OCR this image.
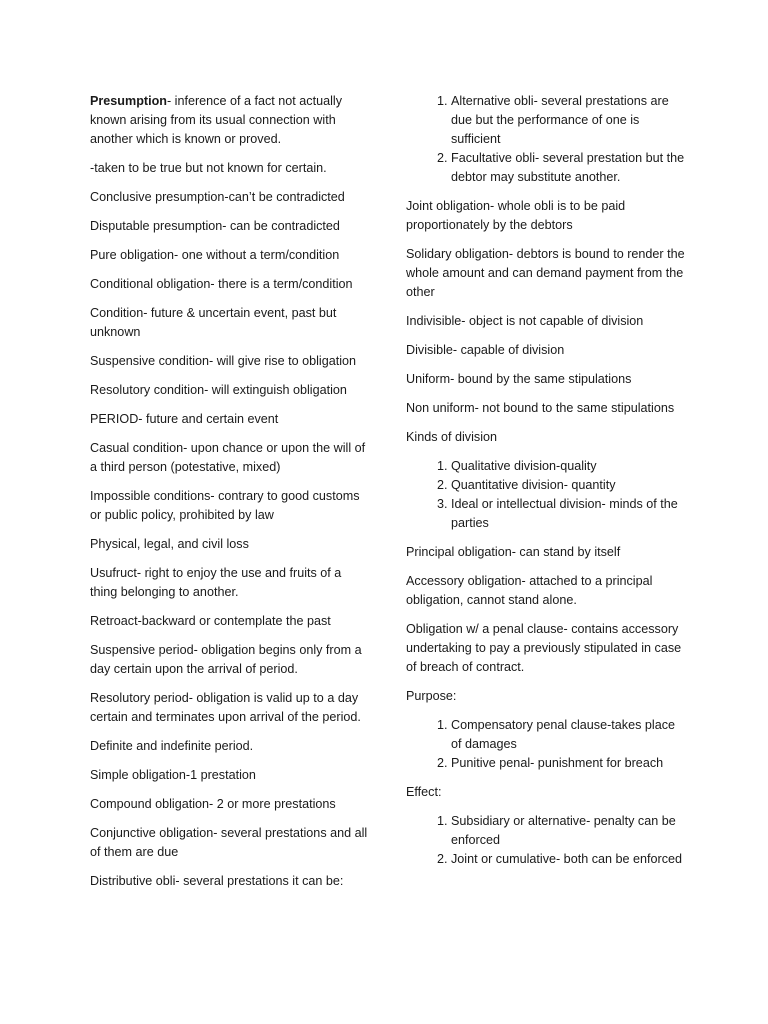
Presumption- inference of a fact not actually known arising from its usual connection with another which is known or proved.

-taken to be true but not known for certain.

Conclusive presumption-can’t be contradicted

Disputable presumption- can be contradicted

Pure obligation- one without a term/condition

Conditional obligation- there is a term/condition

Condition- future & uncertain event, past but unknown

Suspensive condition- will give rise to obligation

Resolutory condition- will extinguish obligation

PERIOD- future and certain event

Casual condition- upon chance or upon the will of a third person (potestative, mixed)

Impossible conditions- contrary to good customs or public policy, prohibited by law

Physical, legal, and civil loss

Usufruct- right to enjoy the use and fruits of a thing belonging to another.

Retroact-backward or contemplate the past

Suspensive period- obligation begins only from a day certain upon the arrival of period.

Resolutory period- obligation is valid up to a day certain and terminates upon arrival of the period.

Definite and indefinite period.

Simple obligation-1 prestation

Compound obligation- 2 or more prestations

Conjunctive obligation- several prestations and all of them are due

Distributive obli- several prestations it can be:

1. Alternative obli- several prestations are due but the performance of one is sufficient
2. Facultative obli- several prestation but the debtor may substitute another.

Joint obligation- whole obli is to be paid proportionately by the debtors

Solidary obligation- debtors is bound to render the whole amount and can demand payment from the other

Indivisible- object is not capable of division

Divisible- capable of division

Uniform- bound by the same stipulations

Non uniform- not bound to the same stipulations

Kinds of division

1. Qualitative division-quality
2. Quantitative division- quantity
3. Ideal or intellectual division- minds of the parties

Principal obligation- can stand by itself

Accessory obligation- attached to a principal obligation, cannot stand alone.

Obligation w/ a penal clause- contains accessory undertaking to pay a previously stipulated in case of breach of contract.

Purpose:

1. Compensatory penal clause-takes place of damages
2. Punitive penal- punishment for breach

Effect:

1. Subsidiary or alternative- penalty can be enforced
2. Joint or cumulative- both can be enforced
